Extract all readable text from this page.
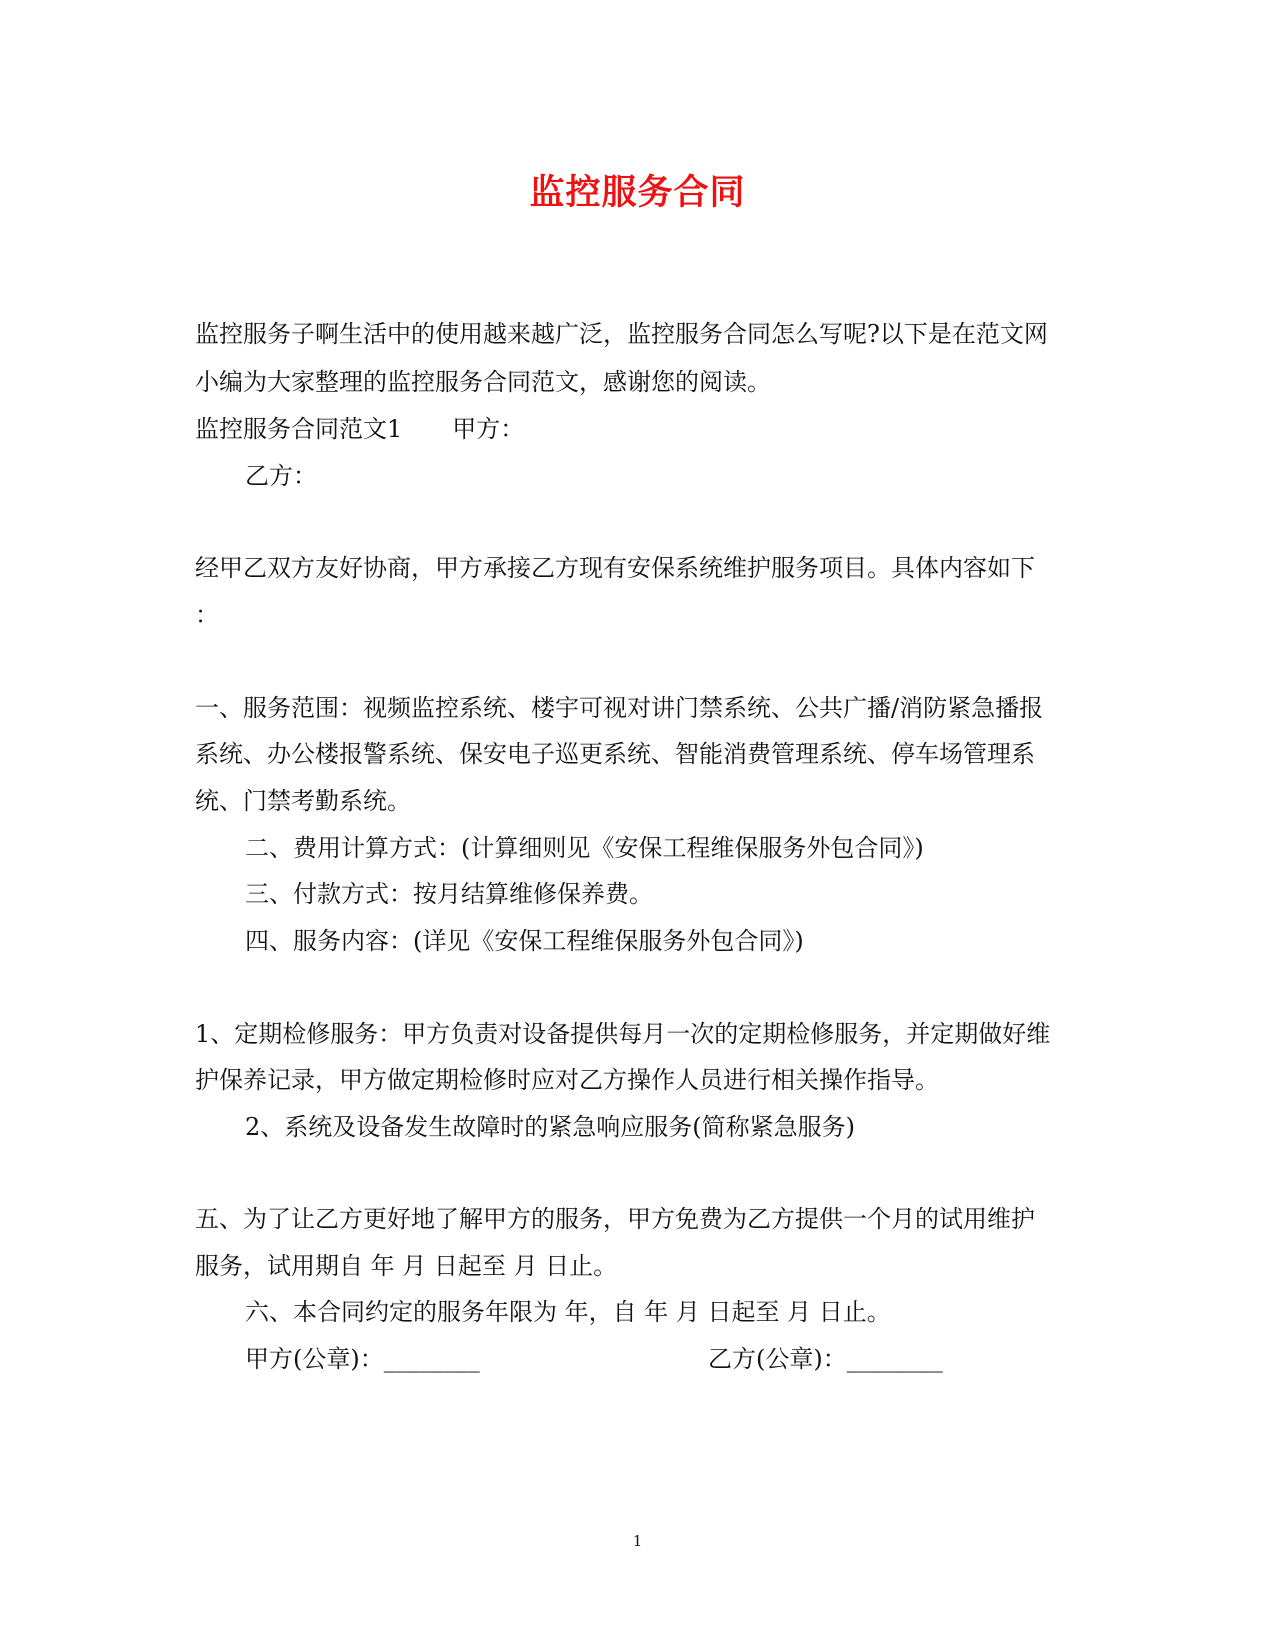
监控服务合同
监控服务子啊生活中的使用越来越广泛，监控服务合同怎么写呢?以下是在范文网
小编为大家整理的监控服务合同范文，感谢您的阅读。
监控服务合同范文1 甲方：
乙方：
经甲乙双方友好协商，甲方承接乙方现有安保系统维护服务项目。具体内容如下
：
一、服务范围：视频监控系统、楼宇可视对讲门禁系统、公共广播/消防紧急播报
系统、办公楼报警系统、保安电子巡更系统、智能消费管理系统、停车场管理系
统、门禁考勤系统。
二、费用计算方式：(计算细则见《安保工程维保服务外包合同》)
三、付款方式：按月结算维修保养费。
四、服务内容：(详见《安保工程维保服务外包合同》)
1、定期检修服务：甲方负责对设备提供每月一次的定期检修服务，并定期做好维
护保养记录，甲方做定期检修时应对乙方操作人员进行相关操作指导。
2、系统及设备发生故障时的紧急响应服务(简称紧急服务)
五、为了让乙方更好地了解甲方的服务，甲方免费为乙方提供一个月的试用维护
服务，试用期自 年 月 日起至 月 日止。
六、本合同约定的服务年限为 年，自 年 月 日起至 月 日止。
甲方(公章)：________	乙方(公章)：________
1
